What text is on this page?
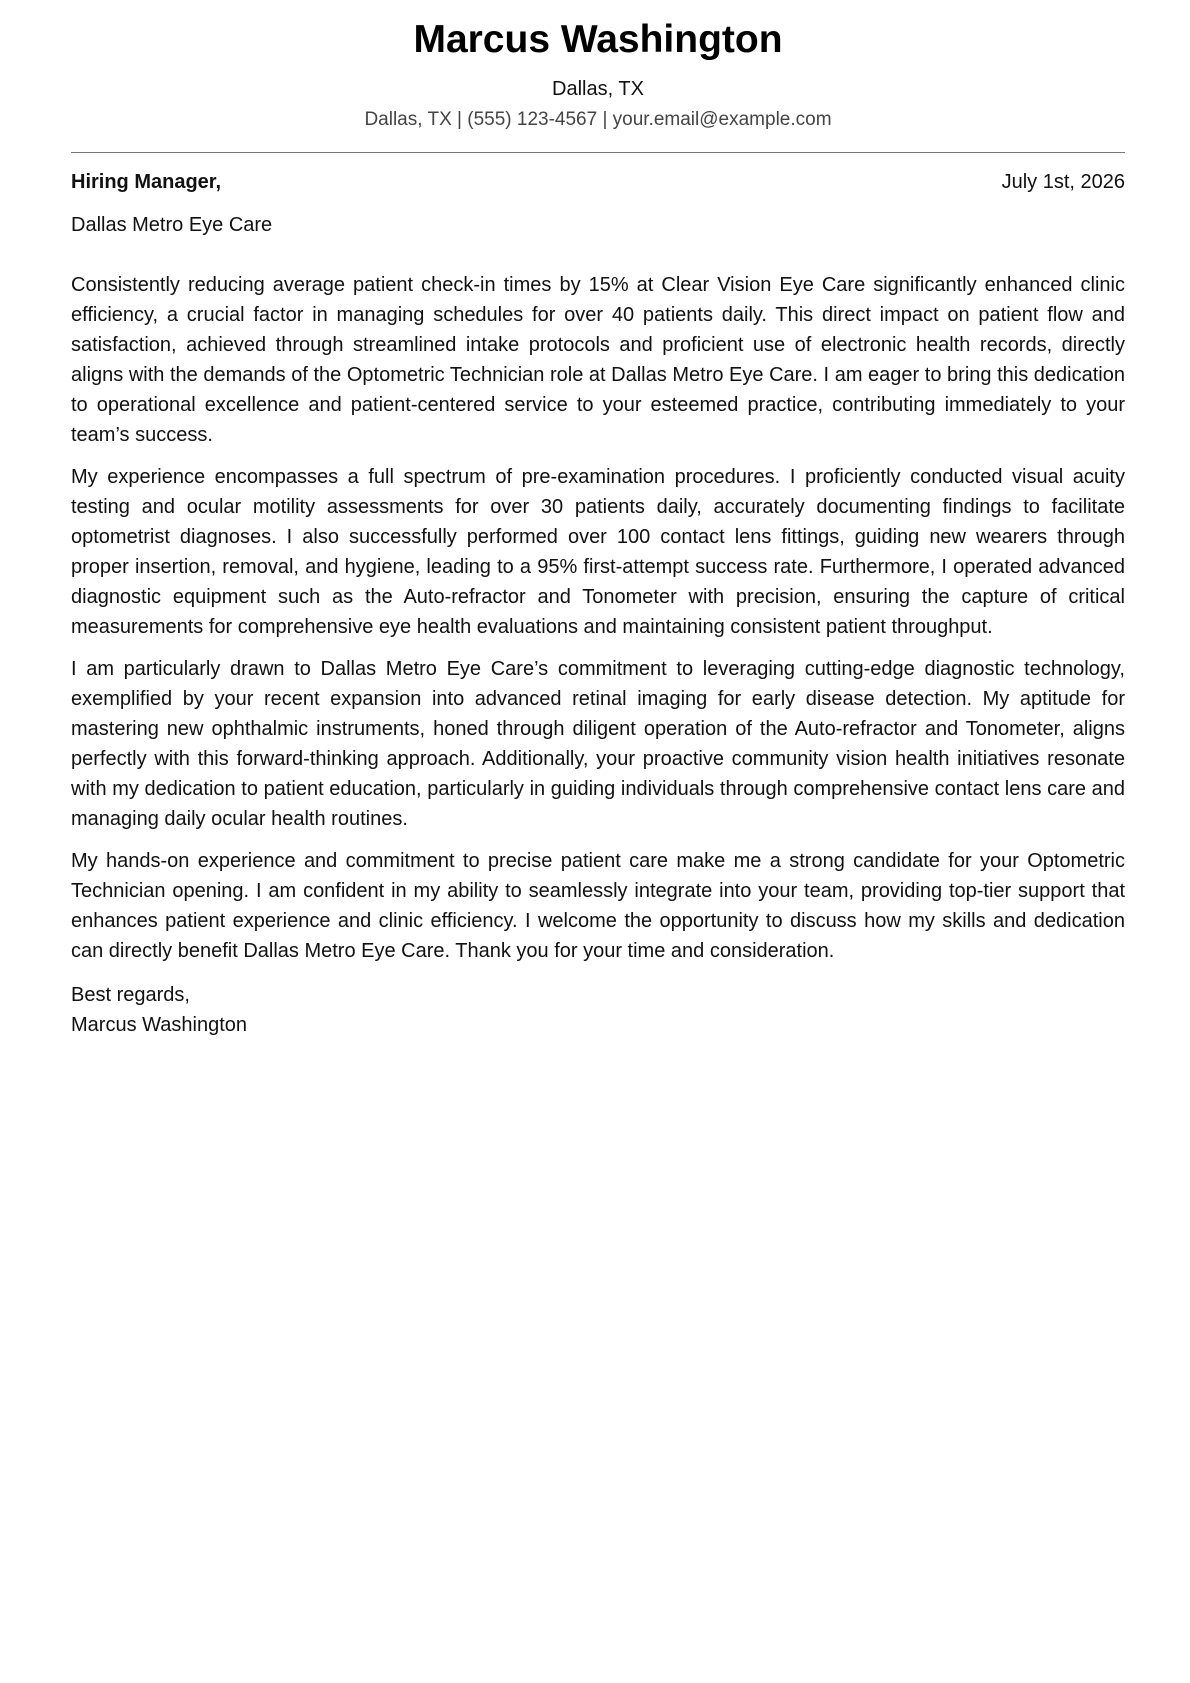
Marcus Washington
Dallas, TX
Dallas, TX | (555) 123-4567 | your.email@example.com
Hiring Manager,	July 1st, 2026
Dallas Metro Eye Care

Consistently reducing average patient check-in times by 15% at Clear Vision Eye Care significantly enhanced clinic efficiency, a crucial factor in managing schedules for over 40 patients daily. This direct impact on patient flow and satisfaction, achieved through streamlined intake protocols and proficient use of electronic health records, directly aligns with the demands of the Optometric Technician role at Dallas Metro Eye Care. I am eager to bring this dedication to operational excellence and patient-centered service to your esteemed practice, contributing immediately to your team’s success.

My experience encompasses a full spectrum of pre-examination procedures. I proficiently conducted visual acuity testing and ocular motility assessments for over 30 patients daily, accurately documenting findings to facilitate optometrist diagnoses. I also successfully performed over 100 contact lens fittings, guiding new wearers through proper insertion, removal, and hygiene, leading to a 95% first-attempt success rate. Furthermore, I operated advanced diagnostic equipment such as the Auto-refractor and Tonometer with precision, ensuring the capture of critical measurements for comprehensive eye health evaluations and maintaining consistent patient throughput.

I am particularly drawn to Dallas Metro Eye Care’s commitment to leveraging cutting-edge diagnostic technology, exemplified by your recent expansion into advanced retinal imaging for early disease detection. My aptitude for mastering new ophthalmic instruments, honed through diligent operation of the Auto-refractor and Tonometer, aligns perfectly with this forward-thinking approach. Additionally, your proactive community vision health initiatives resonate with my dedication to patient education, particularly in guiding individuals through comprehensive contact lens care and managing daily ocular health routines.

My hands-on experience and commitment to precise patient care make me a strong candidate for your Optometric Technician opening. I am confident in my ability to seamlessly integrate into your team, providing top-tier support that enhances patient experience and clinic efficiency. I welcome the opportunity to discuss how my skills and dedication can directly benefit Dallas Metro Eye Care. Thank you for your time and consideration.

Best regards,
Marcus Washington
